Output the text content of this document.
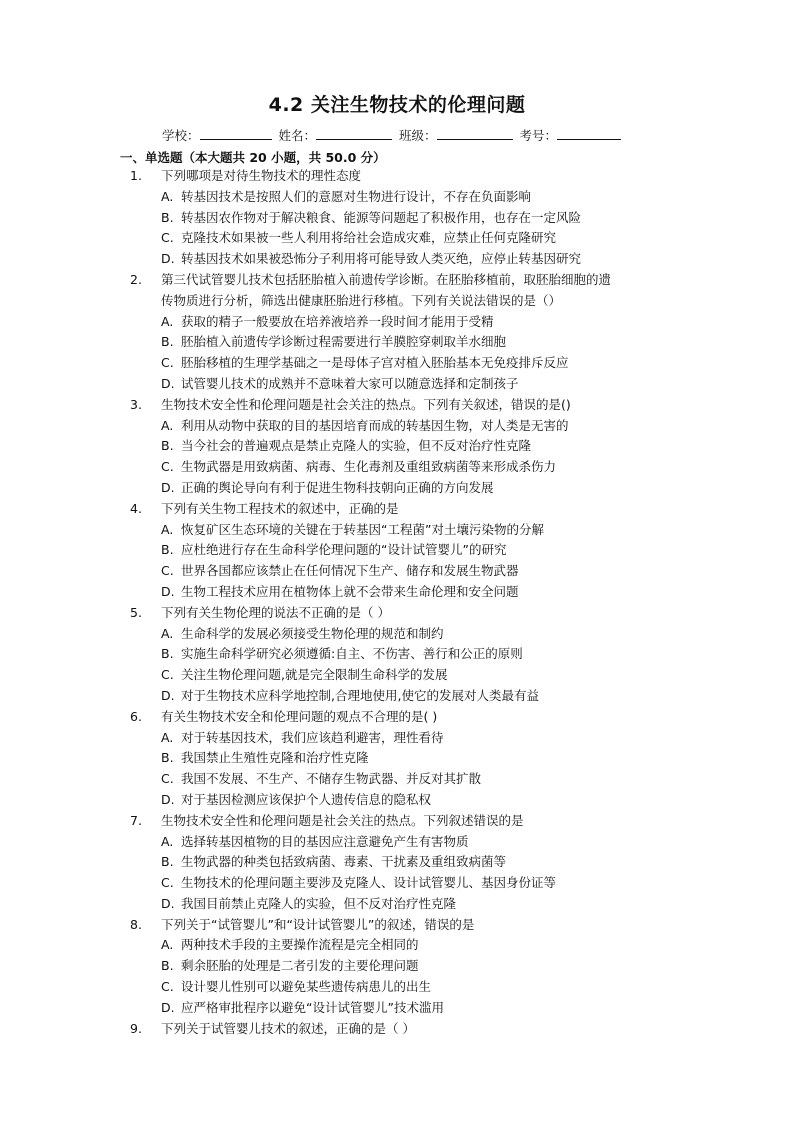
4.2 关注生物技术的伦理问题
学校：	姓名：	班级：	考号：
一、单选题（本大题共 20 小题，共 50.0 分）
1.	下列哪项是对待生物技术的理性态度
A. 转基因技术是按照人们的意愿对生物进行设计，不存在负面影响
B. 转基因农作物对于解决粮食、能源等问题起了积极作用，也存在一定风险
C. 克隆技术如果被一些人利用将给社会造成灾难，应禁止任何克隆研究
D. 转基因技术如果被恐怖分子利用将可能导致人类灭绝，应停止转基因研究
2.	第三代试管婴儿技术包括胚胎植入前遗传学诊断。在胚胎移植前，取胚胎细胞的遗
传物质进行分析，筛选出健康胚胎进行移植。下列有关说法错误的是（）
A. 获取的精子一般要放在培养液培养一段时间才能用于受精
B. 胚胎植入前遗传学诊断过程需要进行羊膜腔穿刺取羊水细胞
C. 胚胎移植的生理学基础之一是母体子宫对植入胚胎基本无免疫排斥反应
D. 试管婴儿技术的成熟并不意味着大家可以随意选择和定制孩子
3.	生物技术安全性和伦理问题是社会关注的热点。下列有关叙述，错误的是()
A. 利用从动物中获取的目的基因培育而成的转基因生物，对人类是无害的
B. 当今社会的普遍观点是禁止克隆人的实验，但不反对治疗性克隆
C. 生物武器是用致病菌、病毒、生化毒剂及重组致病菌等来形成杀伤力
D. 正确的舆论导向有利于促进生物科技朝向正确的方向发展
4.	下列有关生物工程技术的叙述中，正确的是
A. 恢复矿区生态环境的关键在于转基因“工程菌”对土壤污染物的分解
B. 应杜绝进行存在生命科学伦理问题的“设计试管婴儿”的研究
C. 世界各国都应该禁止在任何情况下生产、储存和发展生物武器
D. 生物工程技术应用在植物体上就不会带来生命伦理和安全问题
5.	下列有关生物伦理的说法不正确的是（ ）
A. 生命科学的发展必须接受生物伦理的规范和制约
B. 实施生命科学研究必须遵循:自主、不伤害、善行和公正的原则
C. 关注生物伦理问题,就是完全限制生命科学的发展
D. 对于生物技术应科学地控制,合理地使用,使它的发展对人类最有益
6.	有关生物技术安全和伦理问题的观点不合理的是( )
A. 对于转基因技术，我们应该趋利避害，理性看待
B. 我国禁止生殖性克隆和治疗性克隆
C. 我国不发展、不生产、不储存生物武器、并反对其扩散
D. 对于基因检测应该保护个人遗传信息的隐私权
7.	生物技术安全性和伦理问题是社会关注的热点。下列叙述错误的是
A. 选择转基因植物的目的基因应注意避免产生有害物质
B. 生物武器的种类包括致病菌、毒素、干扰素及重组致病菌等
C. 生物技术的伦理问题主要涉及克隆人、设计试管婴儿、基因身份证等
D. 我国目前禁止克隆人的实验，但不反对治疗性克隆
8.	下列关于“试管婴儿”和“设计试管婴儿”的叙述，错误的是
A. 两种技术手段的主要操作流程是完全相同的
B. 剩余胚胎的处理是二者引发的主要伦理问题
C. 设计婴儿性别可以避免某些遗传病患儿的出生
D. 应严格审批程序以避免“设计试管婴儿”技术滥用
9.	下列关于试管婴儿技术的叙述，正确的是（ ）
